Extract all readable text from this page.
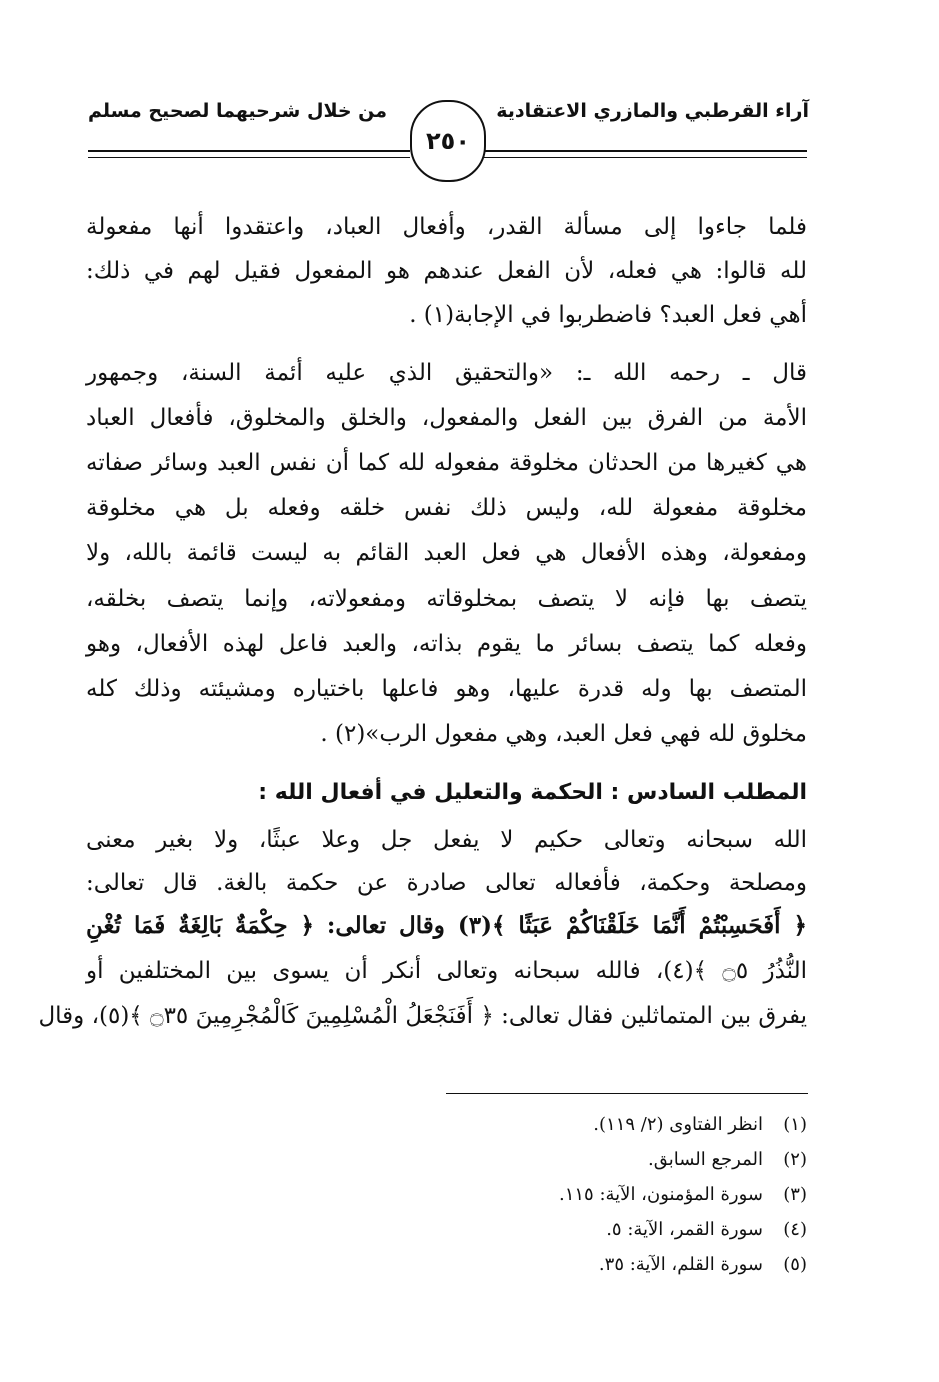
آراء القرطبي والمازري الاعتقادية
من خلال شرحيهما لصحيح مسلم
٢٥٠
فلما جاءوا إلى مسألة القدر، وأفعال العباد، واعتقدوا أنها مفعولة
لله قالوا: هي فعله، لأن الفعل عندهم هو المفعول فقيل لهم في ذلك:
أهي فعل العبد؟ فاضطربوا في الإجابة(١) .
قال ـ رحمه الله ـ: «والتحقيق الذي عليه أئمة السنة، وجمهور
الأمة من الفرق بين الفعل والمفعول، والخلق والمخلوق، فأفعال العباد
هي كغيرها من الحدثان مخلوقة مفعوله لله كما أن نفس العبد وسائر صفاته
مخلوقة مفعولة لله، وليس ذلك نفس خلقه وفعله بل هي مخلوقة
ومفعولة، وهذه الأفعال هي فعل العبد القائم به ليست قائمة بالله، ولا
يتصف بها فإنه لا يتصف بمخلوقاته ومفعولاته، وإنما يتصف بخلقه،
وفعله كما يتصف بسائر ما يقوم بذاته، والعبد فاعل لهذه الأفعال، وهو
المتصف بها وله قدرة عليها، وهو فاعلها باختياره ومشيئته وذلك كله
مخلوق لله فهي فعل العبد، وهي مفعول الرب»(٢) .
المطلب السادس : الحكمة والتعليل في أفعال الله :
الله سبحانه وتعالى حكيم لا يفعل جل وعلا عبثًا، ولا بغير معنى
ومصلحة وحكمة، فأفعاله تعالى صادرة عن حكمة بالغة. قال تعالى:
﴿ أَفَحَسِبْتُمْ أَنَّمَا خَلَقْنَاكُمْ عَبَثًا ﴾(٣) وقال تعالى: ﴿ حِكْمَةٌ بَالِغَةٌ فَمَا تُغْنِ
النُّذُرُ ۝٥ ﴾(٤)، فالله سبحانه وتعالى أنكر أن يسوى بين المختلفين أو
يفرق بين المتماثلين فقال تعالى: ﴿ أَفَنَجْعَلُ الْمُسْلِمِينَ كَالْمُجْرِمِينَ ۝٣٥ ﴾(٥)، وقال
(١)انظر الفتاوى (٢/ ١١٩).
(٢)المرجع السابق.
(٣)سورة المؤمنون، الآية: ١١٥.
(٤)سورة القمر، الآية: ٥.
(٥)سورة القلم، الآية: ٣٥.
